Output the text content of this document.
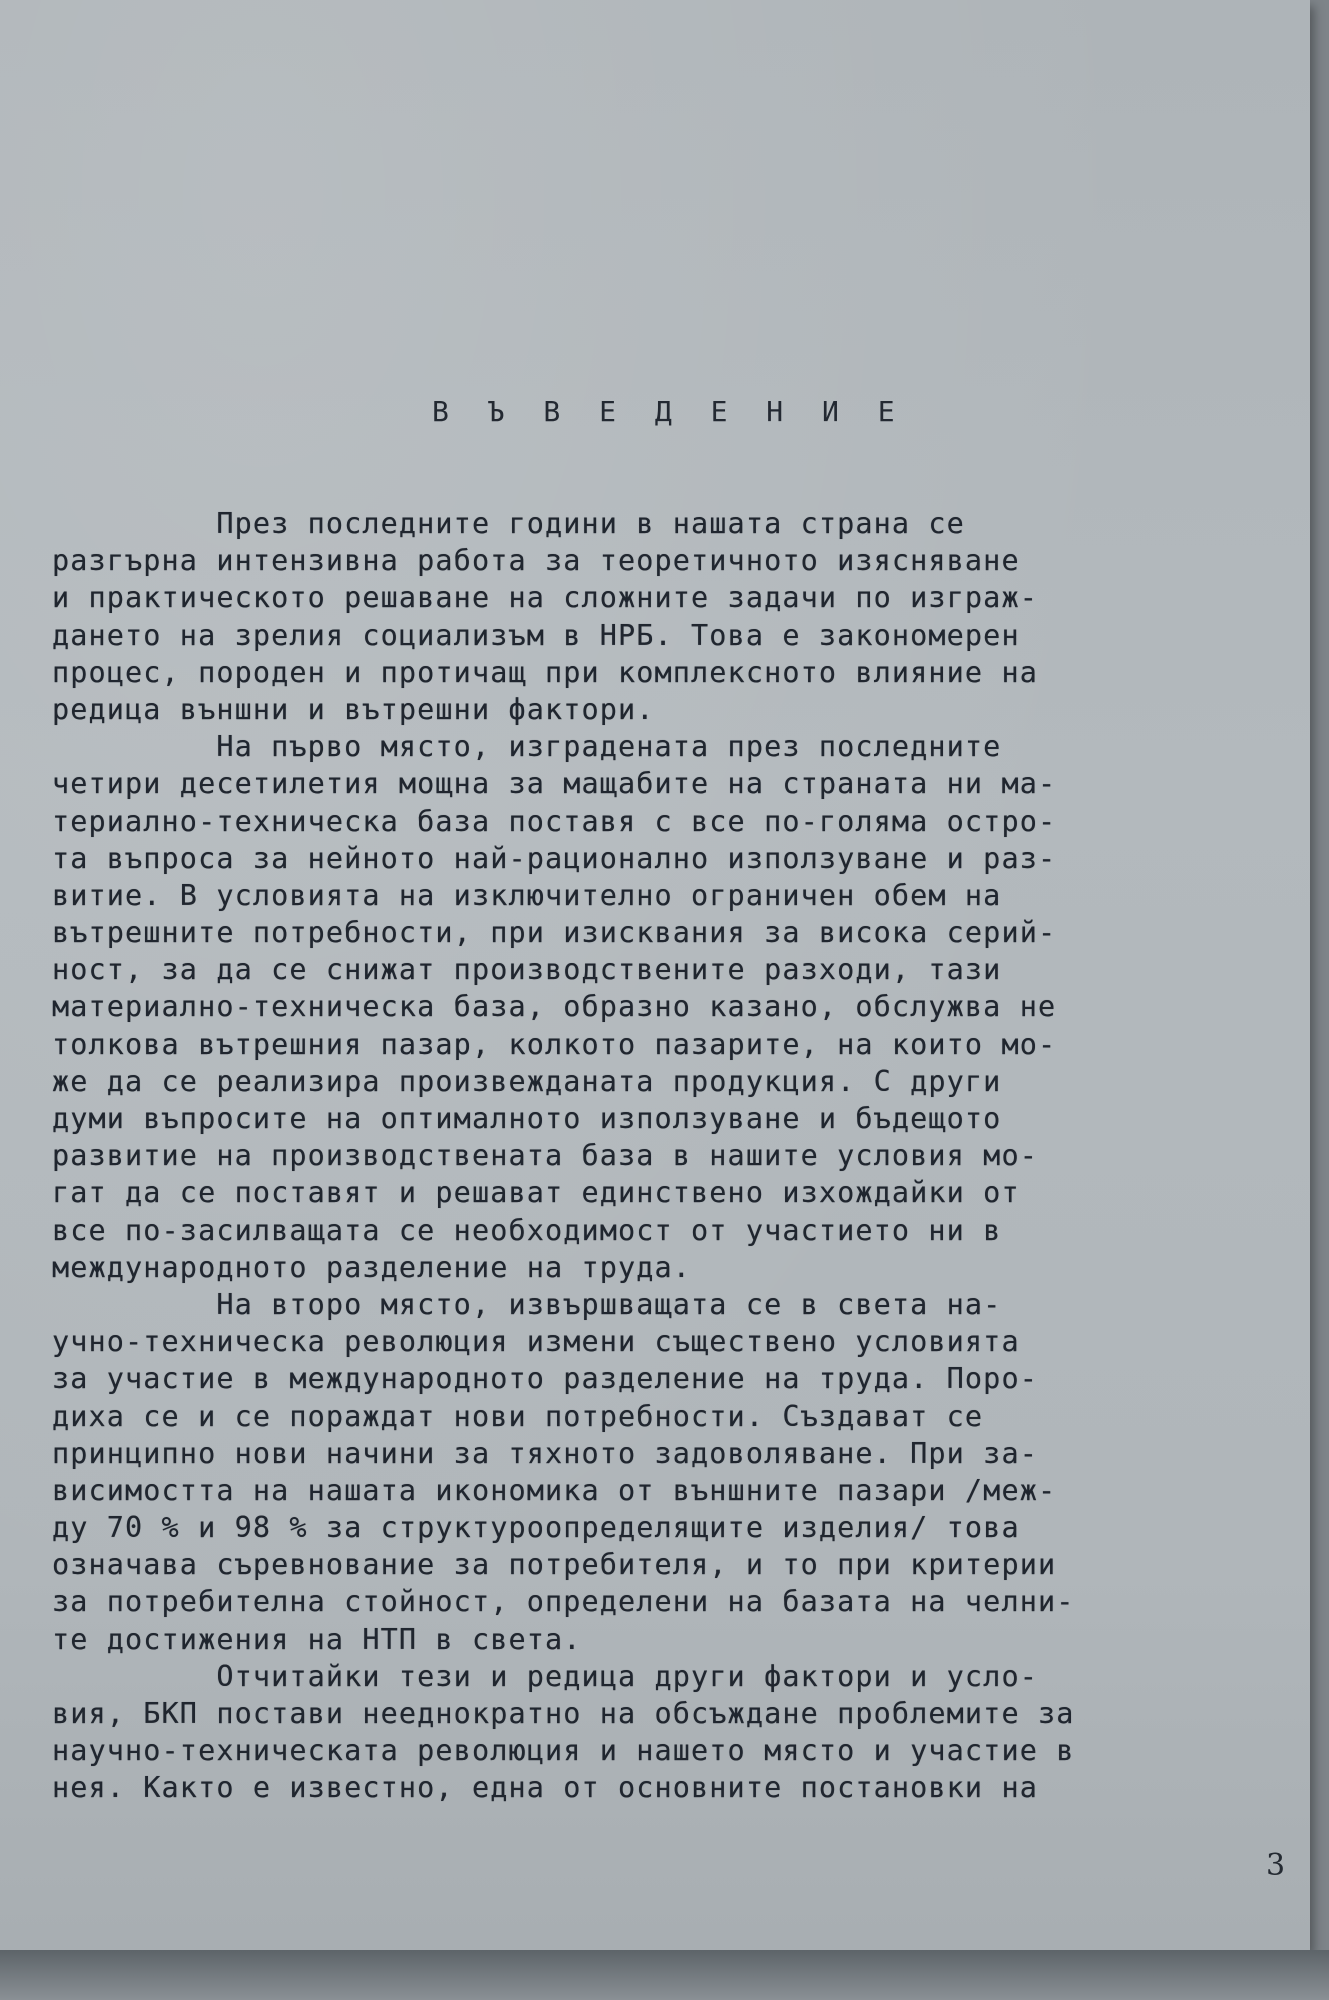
В Ъ В Е Д Е Н И Е
През последните години в нашата страна се
разгърна интензивна работа за теоретичното изясняване
и практическото решаване на сложните задачи по изграж-
дането на зрелия социализъм в НРБ. Това е закономерен
процес, породен и протичащ при комплексното влияние на
редица външни и вътрешни фактори.
На първо място, изградената през последните
четири десетилетия мощна за мащабите на страната ни ма-
териално-техническа база поставя с все по-голяма остро-
та въпроса за нейното най-рационално използуване и раз-
витие. В условията на изключително ограничен обем на
вътрешните потребности, при изисквания за висока серий-
ност, за да се снижат производствените разходи, тази
материално-техническа база, образно казано, обслужва не
толкова вътрешния пазар, колкото пазарите, на които мо-
же да се реализира произвежданата продукция. С други
думи въпросите на оптималното използуване и бъдещото
развитие на производствената база в нашите условия мо-
гат да се поставят и решават единствено изхождайки от
все по-засилващата се необходимост от участието ни в
международното разделение на труда.
На второ място, извършващата се в света на-
учно-техническа революция измени съществено условията
за участие в международното разделение на труда. Поро-
диха се и се пораждат нови потребности. Създават се
принципно нови начини за тяхното задоволяване. При за-
висимостта на нашата икономика от външните пазари /меж-
ду 70 % и 98 % за структуроопределящите изделия/ това
означава съревнование за потребителя, и то при критерии
за потребителна стойност, определени на базата на челни-
те достижения на НТП в света.
Отчитайки тези и редица други фактори и усло-
вия, БКП постави нееднократно на обсъждане проблемите за
научно-техническата революция и нашето място и участие в
нея. Както е известно, една от основните постановки на
3
